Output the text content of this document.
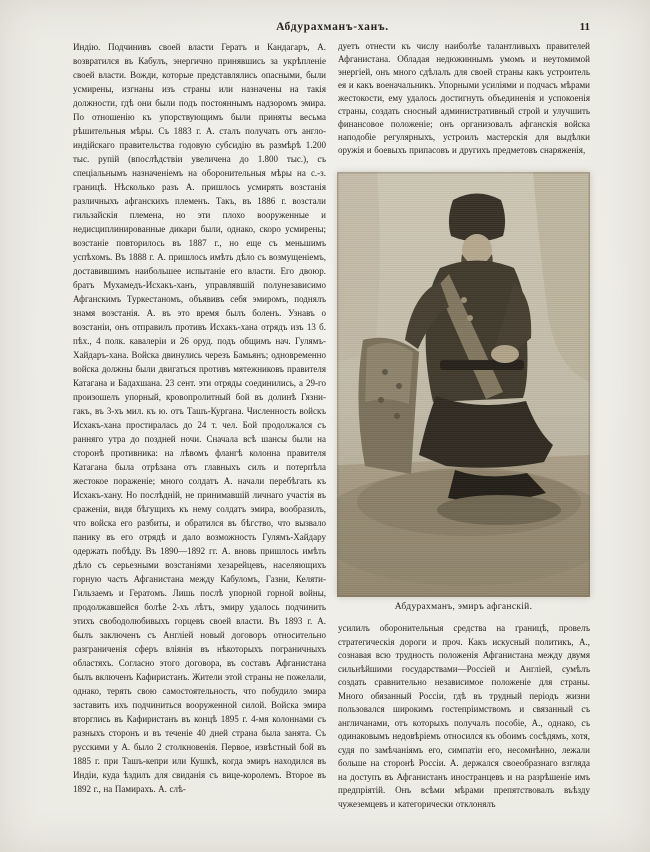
Абдурахманъ-ханъ.	11
Индію. Подчинивъ своей власти Гератъ и Кандагаръ, А. возвратился въ Кабулъ, энергично принявшись за укрѣпленіе своей власти. Вожди, которые представлялись опасными, были усмирены, изгнаны изъ страны или назначены на такія должности, гдѣ они были подъ постояннымъ надзоромъ эмира. По отношенію къ упорствующимъ были приняты весьма рѣшительныя мѣры. Съ 1883 г. А. сталъ получать отъ англо-индійскаго правительства годовую субсидію въ размѣрѣ 1.200 тыс. рупій (впослѣдствіи увеличена до 1.800 тыс.), съ спеціальнымъ назначеніемъ на оборонительныя мѣры на с.-з. границѣ. Нѣсколько разъ А. пришлось усмирять возстанія различныхъ афганскихъ племенъ. Такъ, въ 1886 г. возстали гильзайскія племена, но эти плохо вооруженные и недисциплинированные дикари были, однако, скоро усмирены; возстаніе повторилось въ 1887 г., но еще съ меньшимъ успѣхомъ. Въ 1888 г. А. пришлось имѣть дѣло съ возмущеніемъ, доставившимъ наибольшее испытаніе его власти. Его двоюр. братъ Мухамедъ-Исхакъ-ханъ, управлявшій полунезависимо Афганскимъ Туркестаномъ, объявивъ себя эмиромъ, поднялъ знамя возстанія. А. въ это время былъ боленъ. Узнавъ о возстаніи, онъ отправилъ противъ Исхакъ-хана отрядъ изъ 13 б. пѣх., 4 полк. кавалеріи и 26 оруд. подъ общимъ нач. Гулямъ-Хайдаръ-хана. Войска двинулись черезъ Бамьянъ; одновременно войска должны были двигаться противъ мятежниковъ правителя Катагана и Бадахшана. 23 сент. эти отряды соединились, а 29-го произошелъ упорный, кровопролитный бой въ долинѣ Гязни-гакъ, въ 3-хъ мил. къ ю. отъ Ташъ-Кургана. Численность войскъ Исхакъ-хана простиралась до 24 т. чел. Бой продолжался съ ранняго утра до поздней ночи. Сначала всѣ шансы были на сторонѣ противника: на лѣвомъ флангѣ колонна правителя Катагана была отрѣзана отъ главныхъ силъ и потерпѣла жестокое пораженіе; много солдатъ А. начали перебѣгать къ Исхакъ-хану. Но послѣдній, не принимавшій личнаго участія въ сраженіи, видя бѣгущихъ къ нему солдатъ эмира, вообразилъ, что войска его разбиты, и обратился въ бѣгство, что вызвало панику въ его отрядѣ и дало возможность Гулямъ-Хайдару одержать побѣду. Въ 1890—1892 гг. А. вновь пришлось имѣть дѣло съ серьезными возстаніями хезарейцевъ, населяющихъ горную часть Афганистана между Кабуломъ, Газни, Келяти-Гильзаемъ и Гератомъ. Лишь послѣ упорной горной войны, продолжавшейся болѣе 2-хъ лѣтъ, эмиру удалось подчинить этихъ свободолюбивыхъ горцевъ своей власти. Въ 1893 г. А. былъ заключенъ съ Англіей новый договоръ относительно разграниченія сферъ вліянія въ нѣкоторыхъ пограничныхъ областяхъ. Согласно этого договора, въ составъ Афганистана былъ включенъ Кафиристанъ. Жители этой страны не пожелали, однако, терять свою самостоятельность, что побудило эмира заставить ихъ подчиниться вооруженной силой. Войска эмира вторглись въ Кафиристанъ въ концѣ 1895 г. 4-мя колоннами съ разныхъ сторонъ и въ теченіе 40 дней страна была занята. Съ русскими у А. было 2 столкновенія. Первое, извѣстный бой въ 1885 г. при Ташъ-кепри или Кушкѣ, когда эмиръ находился въ Индіи, куда ѣздилъ для свиданія съ вице-королемъ. Второе въ 1892 г., на Памирахъ. А. слѣ-
дуетъ отнести къ числу наиболѣе талантливыхъ правителей Афганистана. Обладая недюжиннымъ умомъ и неутомимой энергіей, онъ много сдѣлалъ для своей страны какъ устроитель ея и какъ военачальникъ. Упорными усиліями и подчасъ мѣрами жестокости, ему удалось достигнуть объединенія и успокоенія страны, создать сносный административный строй и улучшить финансовое положеніе; онъ организовалъ афганскія войска наподобіе регулярныхъ, устроилъ мастерскія для выдѣлки оружія и боевыхъ припасовъ и другихъ предметовъ снаряженія,
Абдурахманъ, эмиръ афганскій.
усилилъ оборонительныя средства на границѣ, провелъ стратегическія дороги и проч. Какъ искусный политикъ, А., сознавая всю трудность положенія Афганистана между двумя сильнѣйшими государствами—Россіей и Англіей, сумѣлъ создать сравнительно независимое положеніе для страны. Много обязанный Россіи, гдѣ въ трудный періодъ жизни пользовался широкимъ гостепріимствомъ и связанный съ англичанами, отъ которыхъ получалъ пособіе, А., однако, съ одинаковымъ недовѣріемъ относился къ обоимъ сосѣдямъ, хотя, судя по замѣчаніямъ его, симпатіи его, несомнѣнно, лежали больше на сторонѣ Россіи. А. держался своеобразнаго взгляда на доступъ въ Афганистанъ иностранцевъ и на разрѣшеніе имъ предпріятій. Онъ всѣми мѣрами препятствовалъ въѣзду чужеземцевъ и категорически отклонялъ
